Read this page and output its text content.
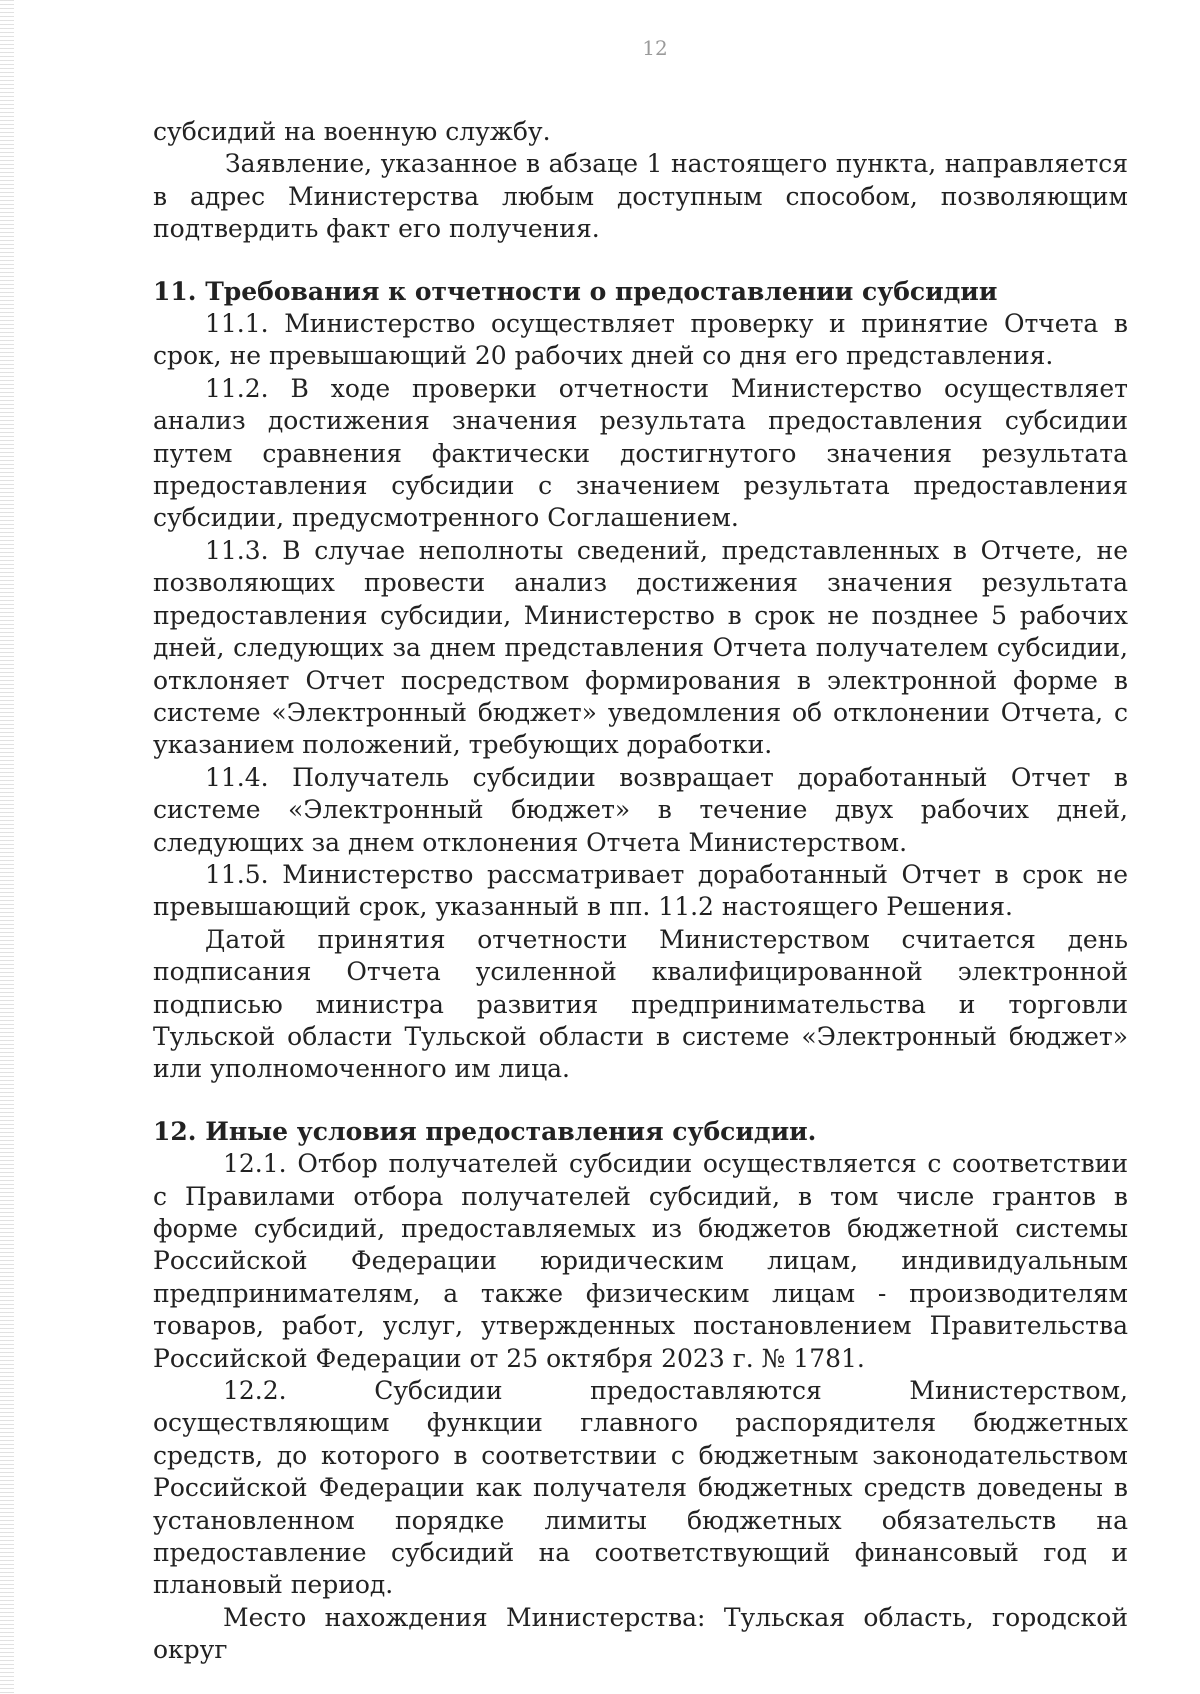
12

субсидий на военную службу.

Заявление, указанное в абзаце 1 настоящего пункта, направляется в адрес Министерства любым доступным способом, позволяющим подтвердить факт его получения.

11. Требования к отчетности о предоставлении субсидии

11.1. Министерство осуществляет проверку и принятие Отчета в срок, не превышающий 20 рабочих дней со дня его представления.

11.2. В ходе проверки отчетности Министерство осуществляет анализ достижения значения результата предоставления субсидии путем сравнения фактически достигнутого значения результата предоставления субсидии с значением результата предоставления субсидии, предусмотренного Соглашением.

11.3. В случае неполноты сведений, представленных в Отчете, не позволяющих провести анализ достижения значения результата предоставления субсидии, Министерство в срок не позднее 5 рабочих дней, следующих за днем представления Отчета получателем субсидии, отклоняет Отчет посредством формирования в электронной форме в системе «Электронный бюджет» уведомления об отклонении Отчета, с указанием положений, требующих доработки.

11.4. Получатель субсидии возвращает доработанный Отчет в системе «Электронный бюджет» в течение двух рабочих дней, следующих за днем отклонения Отчета Министерством.

11.5. Министерство рассматривает доработанный Отчет в срок не превышающий срок, указанный в пп. 11.2 настоящего Решения.

Датой принятия отчетности Министерством считается день подписания Отчета усиленной квалифицированной электронной подписью министра развития предпринимательства и торговли Тульской области Тульской области в системе «Электронный бюджет» или уполномоченного им лица.

12. Иные условия предоставления субсидии.

12.1. Отбор получателей субсидии осуществляется с соответствии с Правилами отбора получателей субсидий, в том числе грантов в форме субсидий, предоставляемых из бюджетов бюджетной системы Российской Федерации юридическим лицам, индивидуальным предпринимателям, а также физическим лицам - производителям товаров, работ, услуг, утвержденных постановлением Правительства Российской Федерации от 25 октября 2023 г. № 1781.

12.2. Субсидии предоставляются Министерством, осуществляющим функции главного распорядителя бюджетных средств, до которого в соответствии с бюджетным законодательством Российской Федерации как получателя бюджетных средств доведены в установленном порядке лимиты бюджетных обязательств на предоставление субсидий на соответствующий финансовый год и плановый период.

Место нахождения Министерства: Тульская область, городской округ
